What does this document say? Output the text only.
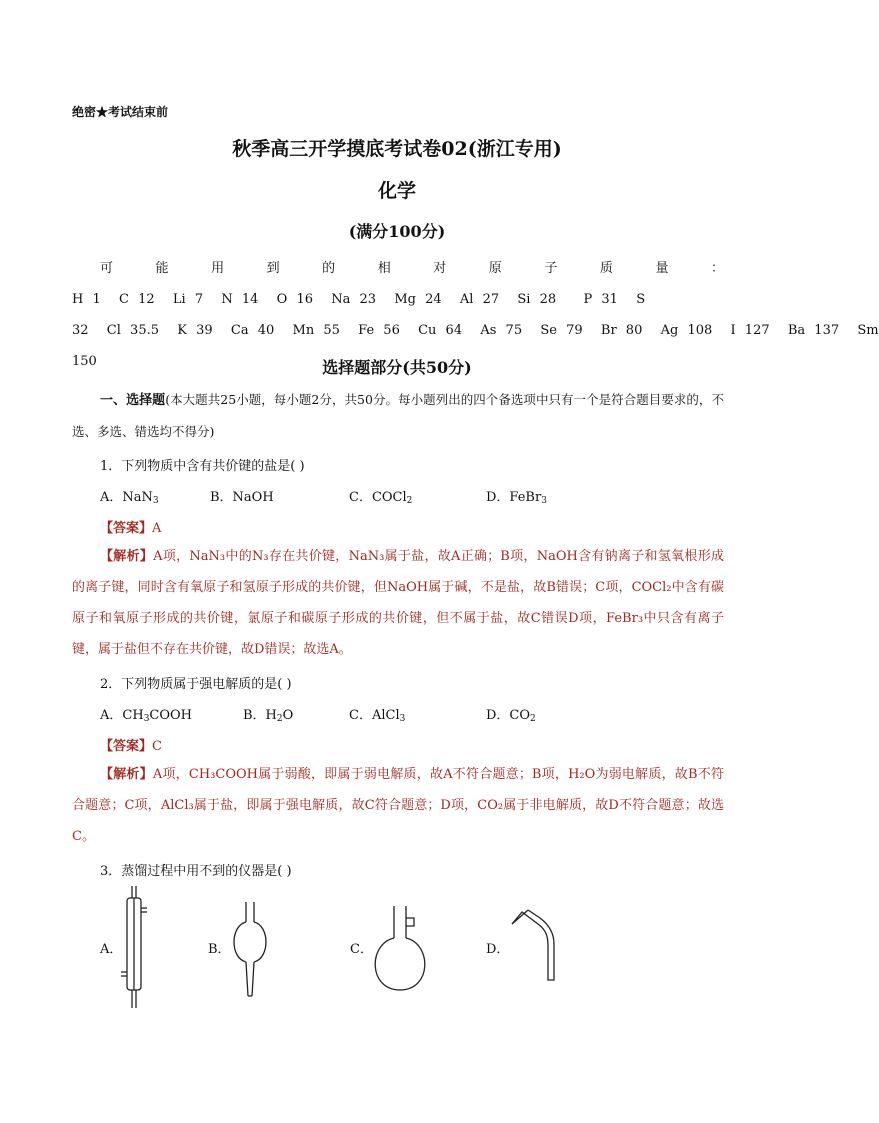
绝密★考试结束前
秋季高三开学摸底考试卷02(浙江专用)
化学
(满分100分)
可能用到的相对原子质量：H 1  C 12  Li 7  N 14  O 16  Na 23  Mg 24  Al 27  Si 28   P 31  S
32  Cl 35.5  K 39  Ca 40  Mn 55  Fe 56  Cu 64  As 75  Se 79  Br 80  Ag 108  I 127  Ba 137  Sm
150	选择题部分(共50分)
一、选择题(本大题共25小题，每小题2分，共50分。每小题列出的四个备选项中只有一个是符合题目要求的，不选、多选、错选均不得分)
1．下列物质中含有共价键的盐是( )
A．NaN$_3$	B．NaOH	C．COCl$_2$	D．FeBr$_3$
【答案】A
【解析】A项，NaN₃中的N₃存在共价键，NaN₃属于盐，故A正确；B项，NaOH含有钠离子和氢氧根形成的离子键，同时含有氧原子和氢原子形成的共价键，但NaOH属于碱，不是盐，故B错误；C项，COCl₂中含有碳原子和氧原子形成的共价键，氯原子和碳原子形成的共价键，但不属于盐，故C错误D项，FeBr₃中只含有离子键，属于盐但不存在共价键，故D错误；故选A。
2．下列物质属于强电解质的是( )
A．$CH_3COOH$	B．$H_2O$	C．AlCl$_3$	D．$CO_2$
【答案】C
【解析】A项，CH₃COOH属于弱酸，即属于弱电解质，故A不符合题意；B项，H₂O为弱电解质，故B不符合题意；C项，AlCl₃属于盐，即属于强电解质，故C符合题意；D项，CO₂属于非电解质，故D不符合题意；故选C。
3．蒸馏过程中用不到的仪器是( )
A．	B．	C．	D．
